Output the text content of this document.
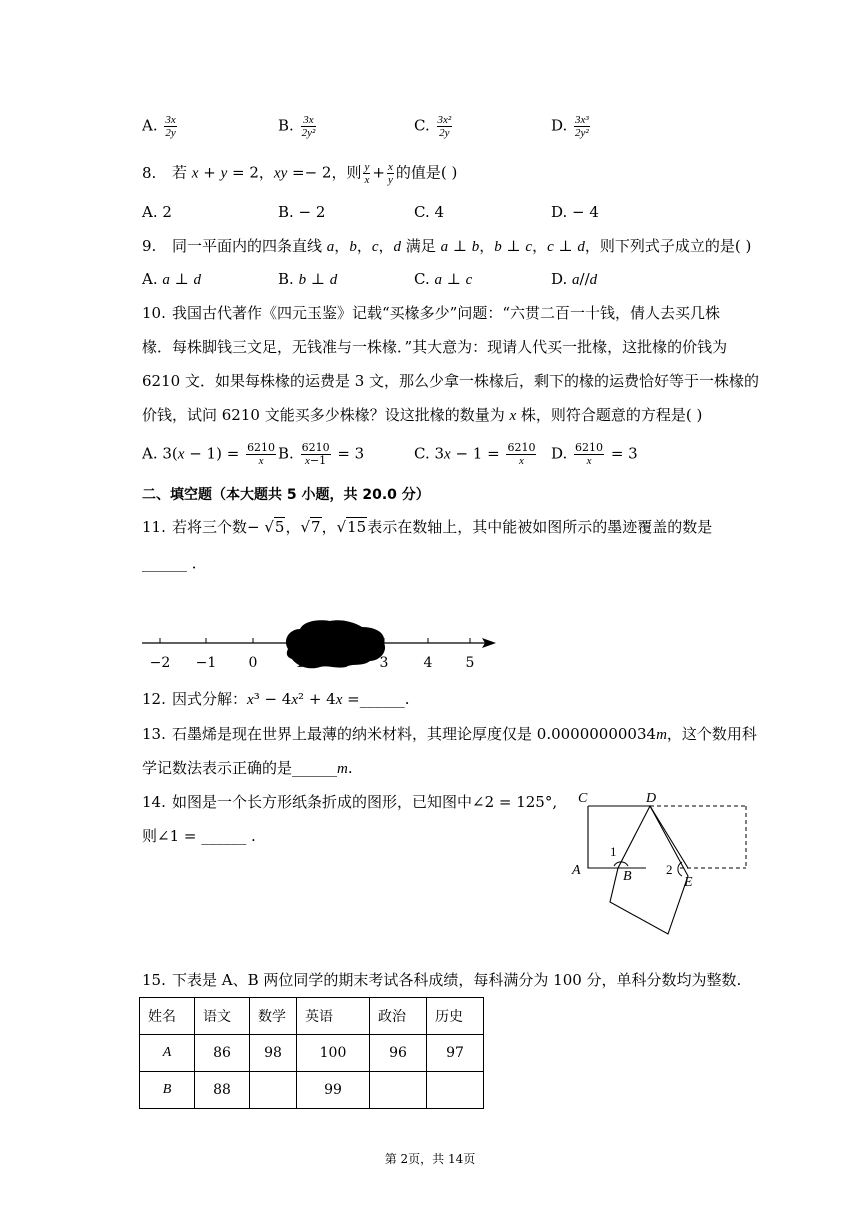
A. $\frac{3x}{2y}$	B. $\frac{3x}{\text{2y²}}$	C. $\frac{\text{3x²}}{2y}$	D. $\frac{\text{3x³}}{\text{2y²}}$
8. 若 x + y = 2，xy =− 2，则 $\frac{y}{x} + \frac{x}{y}$ 的值是( )
A. 2	B. − 2	C. 4	D. − 4
9. 同一平面内的四条直线 a，b，c，d 满足 a ⊥ b，b ⊥ c，c ⊥ d，则下列式子成立的是( )
A. a ⊥ d	B. b ⊥ d	C. a ⊥ c	D. a//d
10. 我国古代著作《四元玉鉴》记载“买椽多少”问题：“六贯二百一十钱，倩人去买几株
椽．每株脚钱三文足，无钱准与一株椽．”其大意为：现请人代买一批椽，这批椽的价钱为
6210 文．如果每株椽的运费是 3 文，那么少拿一株椽后，剩下的椽的运费恰好等于一株椽的
价钱，试问 6210 文能买多少株椽？设这批椽的数量为 x 株，则符合题意的方程是( )
A. $3(x - 1) = \frac{6210}{x} B$. $\frac{6210}{x-1} = 3$	C. $3x - 1 = \frac{6210}{x} D$. $\frac{6210}{x} = 3$
二、填空题（本大题共 5 小题，共 20.0 分）
11. 若将三个数− √5，√7，√15表示在数轴上，其中能被如图所示的墨迹覆盖的数是
______ ．
−2 −1 0	3	4 5
12. 因式分解：x³ − 4x² + 4x =______.
13. 石墨烯是现在世界上最薄的纳米材料，其理论厚度仅是 0.00000000034m，这个数用科
学记数法表示正确的是______m.
14. 如图是一个长方形纸条折成的图形，已知图中∠2 = 125°,
则∠1 = ______ .
C	D
A	B
1
2
E
15. 下表是 A、B 两位同学的期末考试各科成绩，每科满分为 100 分，单科分数均为整数.
姓名	语文	数学	英语	政治	历史
A	86	98	100	96	97
B	88		99		
第 2页，共 14页
